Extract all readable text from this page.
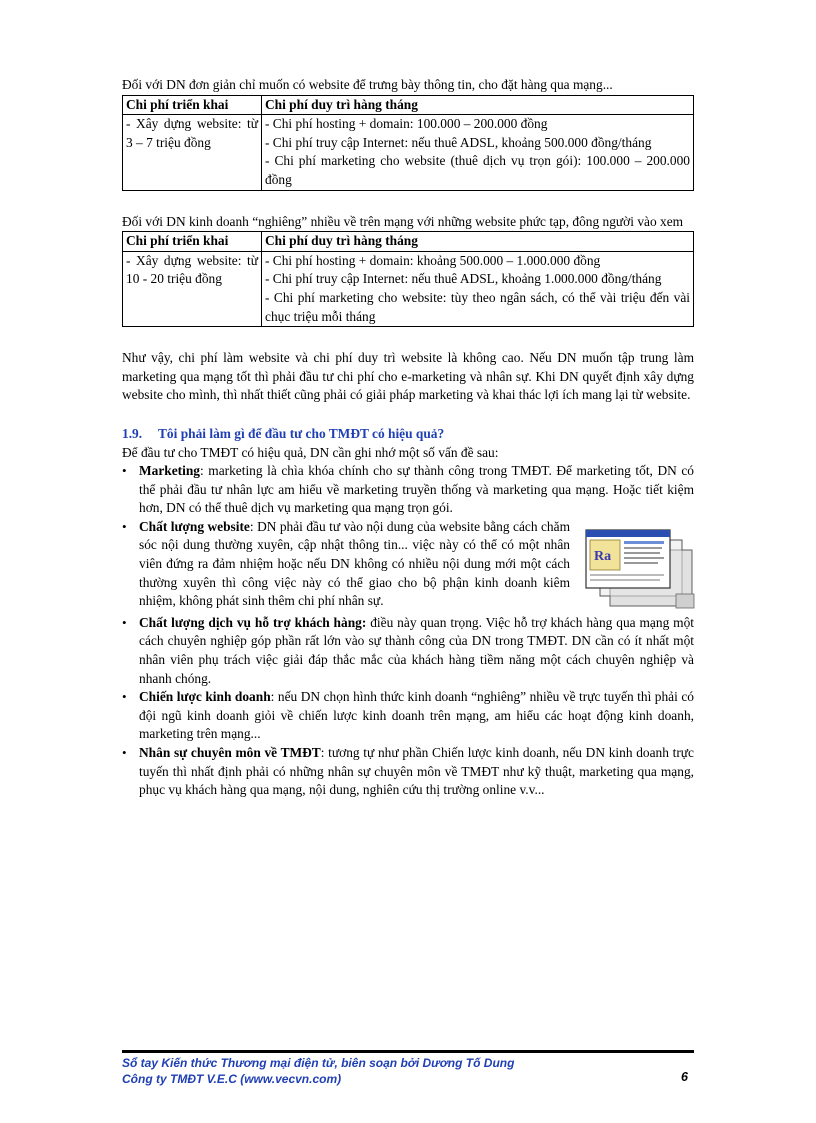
Đối với DN đơn giản chỉ muốn có website để trưng bày thông tin, cho đặt hàng qua mạng...

Chi phí triển khai	Chi phí duy trì hàng tháng
- Xây dựng website: từ 3 – 7 triệu đồng	- Chi phí hosting + domain: 100.000 – 200.000 đồng
- Chi phí truy cập Internet: nếu thuê ADSL, khoảng 500.000 đồng/tháng
- Chi phí marketing cho website (thuê dịch vụ trọn gói): 100.000 – 200.000 đồng

Đối với DN kinh doanh “nghiêng” nhiều về trên mạng với những website phức tạp, đông người vào xem

Chi phí triển khai	Chi phí duy trì hàng tháng
- Xây dựng website: từ 10 - 20 triệu đồng	- Chi phí hosting + domain: khoảng 500.000 – 1.000.000 đồng
- Chi phí truy cập Internet: nếu thuê ADSL, khoảng 1.000.000 đồng/tháng
- Chi phí marketing cho website: tùy theo ngân sách, có thể vài triệu đến vài chục triệu mỗi tháng

Như vậy, chi phí làm website và chi phí duy trì website là không cao. Nếu DN muốn tập trung làm marketing qua mạng tốt thì phải đầu tư chi phí cho e-marketing và nhân sự. Khi DN quyết định xây dựng website cho mình, thì nhất thiết cũng phải có giải pháp marketing và khai thác lợi ích mang lại từ website.

1.9. Tôi phải làm gì để đầu tư cho TMĐT có hiệu quả?

Để đầu tư cho TMĐT có hiệu quả, DN cần ghi nhớ một số vấn đề sau:

• Marketing: marketing là chìa khóa chính cho sự thành công trong TMĐT. Để marketing tốt, DN có thể phải đầu tư nhân lực am hiểu về marketing truyền thống và marketing qua mạng. Hoặc tiết kiệm hơn, DN có thể thuê dịch vụ marketing qua mạng trọn gói.
•
Ra
Chất lượng website: DN phải đầu tư vào nội dung của website bằng cách chăm sóc nội dung thường xuyên, cập nhật thông tin... việc này có thể có một nhân viên đứng ra đảm nhiệm hoặc nếu DN không có nhiều nội dung mới một cách thường xuyên thì công việc này có thể giao cho bộ phận kinh doanh kiêm nhiệm, không phát sinh thêm chi phí nhân sự.
• Chất lượng dịch vụ hỗ trợ khách hàng: điều này quan trọng. Việc hỗ trợ khách hàng qua mạng một cách chuyên nghiệp góp phần rất lớn vào sự thành công của DN trong TMĐT. DN cần có ít nhất một nhân viên phụ trách việc giải đáp thắc mắc của khách hàng tiềm năng một cách chuyên nghiệp và nhanh chóng.
• Chiến lược kinh doanh: nếu DN chọn hình thức kinh doanh “nghiêng” nhiều về trực tuyến thì phải có đội ngũ kinh doanh giỏi về chiến lược kinh doanh trên mạng, am hiểu các hoạt động kinh doanh, marketing trên mạng...
• Nhân sự chuyên môn về TMĐT: tương tự như phần Chiến lược kinh doanh, nếu DN kinh doanh trực tuyến thì nhất định phải có những nhân sự chuyên môn về TMĐT như kỹ thuật, marketing qua mạng, phục vụ khách hàng qua mạng, nội dung, nghiên cứu thị trường online v.v...
Sổ tay Kiến thức Thương mại điện tử, biên soạn bởi Dương Tố Dung
Công ty TMĐT V.E.C (www.vecvn.com)	6
